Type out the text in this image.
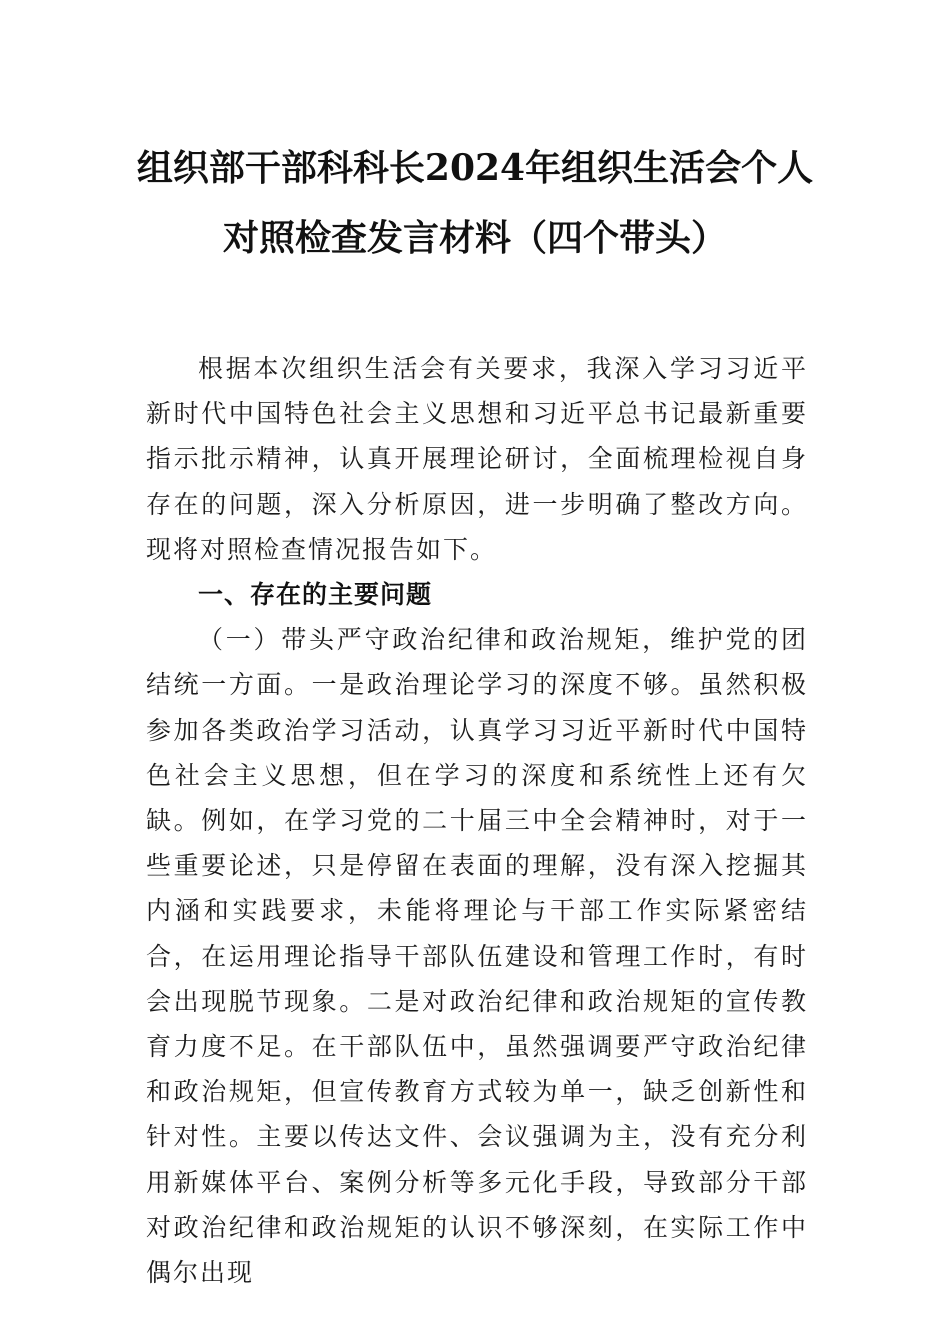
组织部干部科科长2024年组织生活会个人
对照检查发言材料（四个带头）

根据本次组织生活会有关要求，我深入学习习近平新时代中国特色社会主义思想和习近平总书记最新重要指示批示精神，认真开展理论研讨，全面梳理检视自身存在的问题，深入分析原因，进一步明确了整改方向。现将对照检查情况报告如下。

一、存在的主要问题

（一）带头严守政治纪律和政治规矩，维护党的团结统一方面。一是政治理论学习的深度不够。虽然积极参加各类政治学习活动，认真学习习近平新时代中国特色社会主义思想，但在学习的深度和系统性上还有欠缺。例如，在学习党的二十届三中全会精神时，对于一些重要论述，只是停留在表面的理解，没有深入挖掘其内涵和实践要求，未能将理论与干部工作实际紧密结合，在运用理论指导干部队伍建设和管理工作时，有时会出现脱节现象。二是对政治纪律和政治规矩的宣传教育力度不足。在干部队伍中，虽然强调要严守政治纪律和政治规矩，但宣传教育方式较为单一，缺乏创新性和针对性。主要以传达文件、会议强调为主，没有充分利用新媒体平台、案例分析等多元化手段，导致部分干部对政治纪律和政治规矩的认识不够深刻，在实际工作中偶尔出现
